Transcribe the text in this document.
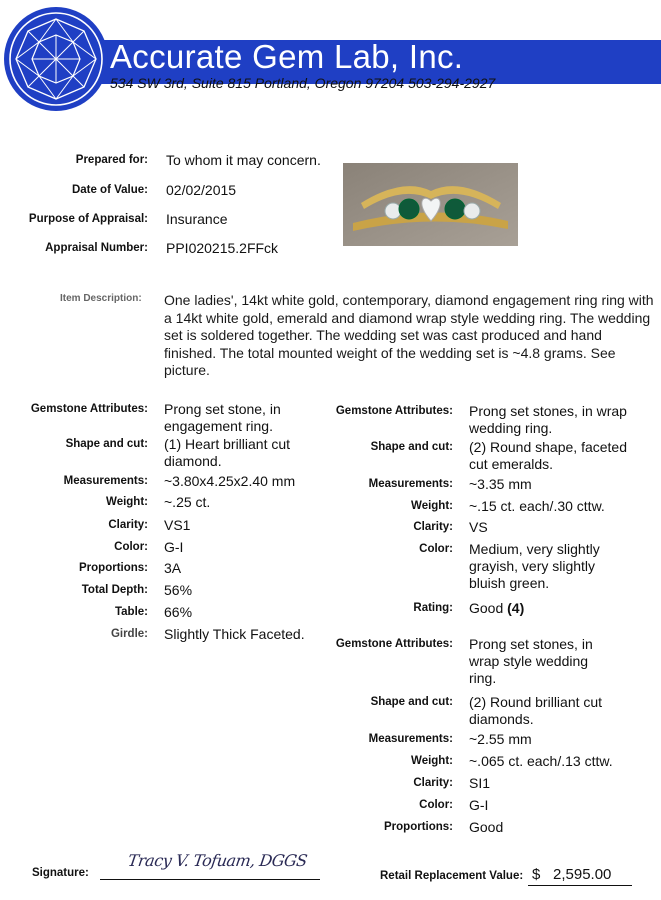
Accurate Gem Lab, Inc.
534 SW 3rd, Suite 815 Portland, Oregon 97204 503-294-2927
Prepared for: To whom it may concern.
Date of Value: 02/02/2015
Purpose of Appraisal: Insurance
Appraisal Number: PPI020215.2FFck
Item Description: One ladies', 14kt white gold, contemporary, diamond engagement ring ring with a 14kt white gold, emerald and diamond wrap style wedding ring. The wedding set is soldered together. The wedding set was cast produced and hand finished. The total mounted weight of the wedding set is ~4.8 grams. See picture.
Gemstone Attributes: Prong set stone, in engagement ring.
Shape and cut: (1) Heart brilliant cut diamond.
Measurements: ~3.80x4.25x2.40 mm
Weight: ~.25 ct.
Clarity: VS1
Color: G-I
Proportions: 3A
Total Depth: 56%
Table: 66%
Girdle: Slightly Thick Faceted.
Gemstone Attributes: Prong set stones, in wrap wedding ring.
Shape and cut: (2) Round shape, faceted cut emeralds.
Measurements: ~3.35 mm
Weight: ~.15 ct. each/.30 cttw.
Clarity: VS
Color: Medium, very slightly grayish, very slightly bluish green.
Rating: Good (4)
Gemstone Attributes: Prong set stones, in wrap style wedding ring.
Shape and cut: (2) Round brilliant cut diamonds.
Measurements: ~2.55 mm
Weight: ~.065 ct. each/.13 cttw.
Clarity: SI1
Color: G-I
Proportions: Good
Signature:
Tracy V. Tofuam, DGGS
Retail Replacement Value: $ 2,595.00
